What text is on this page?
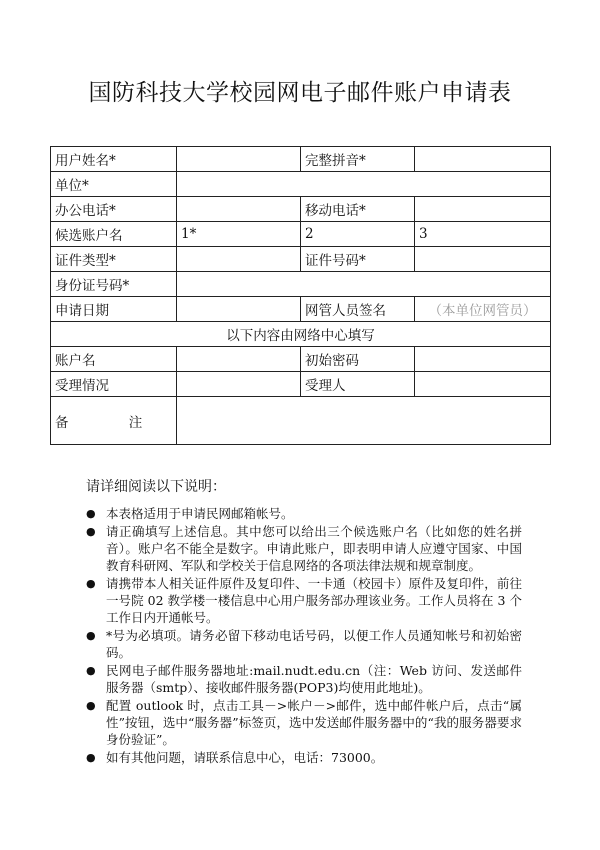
国防科技大学校园网电子邮件账户申请表
用户姓名*		完整拼音*	
单位*			
办公电话*		移动电话*	
候选账户名	1*	2	3
证件类型*		证件号码*	
身份证号码*			
申请日期		网管人员签名	（本单位网管员）
以下内容由网络中心填写			
账户名		初始密码	
受理情况		受理人	
备 注			
请详细阅读以下说明：
● 本表格适用于申请民网邮箱帐号。
● 请正确填写上述信息。其中您可以给出三个候选账户名（比如您的姓名拼音）。账户名不能全是数字。申请此账户，即表明申请人应遵守国家、中国教育科研网、军队和学校关于信息网络的各项法律法规和规章制度。
● 请携带本人相关证件原件及复印件、一卡通（校园卡）原件及复印件，前往一号院 02 教学楼一楼信息中心用户服务部办理该业务。工作人员将在 3 个工作日内开通帐号。
● *号为必填项。请务必留下移动电话号码，以便工作人员通知帐号和初始密码。
● 民网电子邮件服务器地址:mail.nudt.edu.cn（注：Web 访问、发送邮件服务器（smtp）、接收邮件服务器(POP3)均使用此地址)。
● 配置 outlook 时，点击工具－>帐户－>邮件，选中邮件帐户后，点击“属性”按钮，选中“服务器”标签页，选中发送邮件服务器中的“我的服务器要求身份验证”。
● 如有其他问题，请联系信息中心，电话：73000。
